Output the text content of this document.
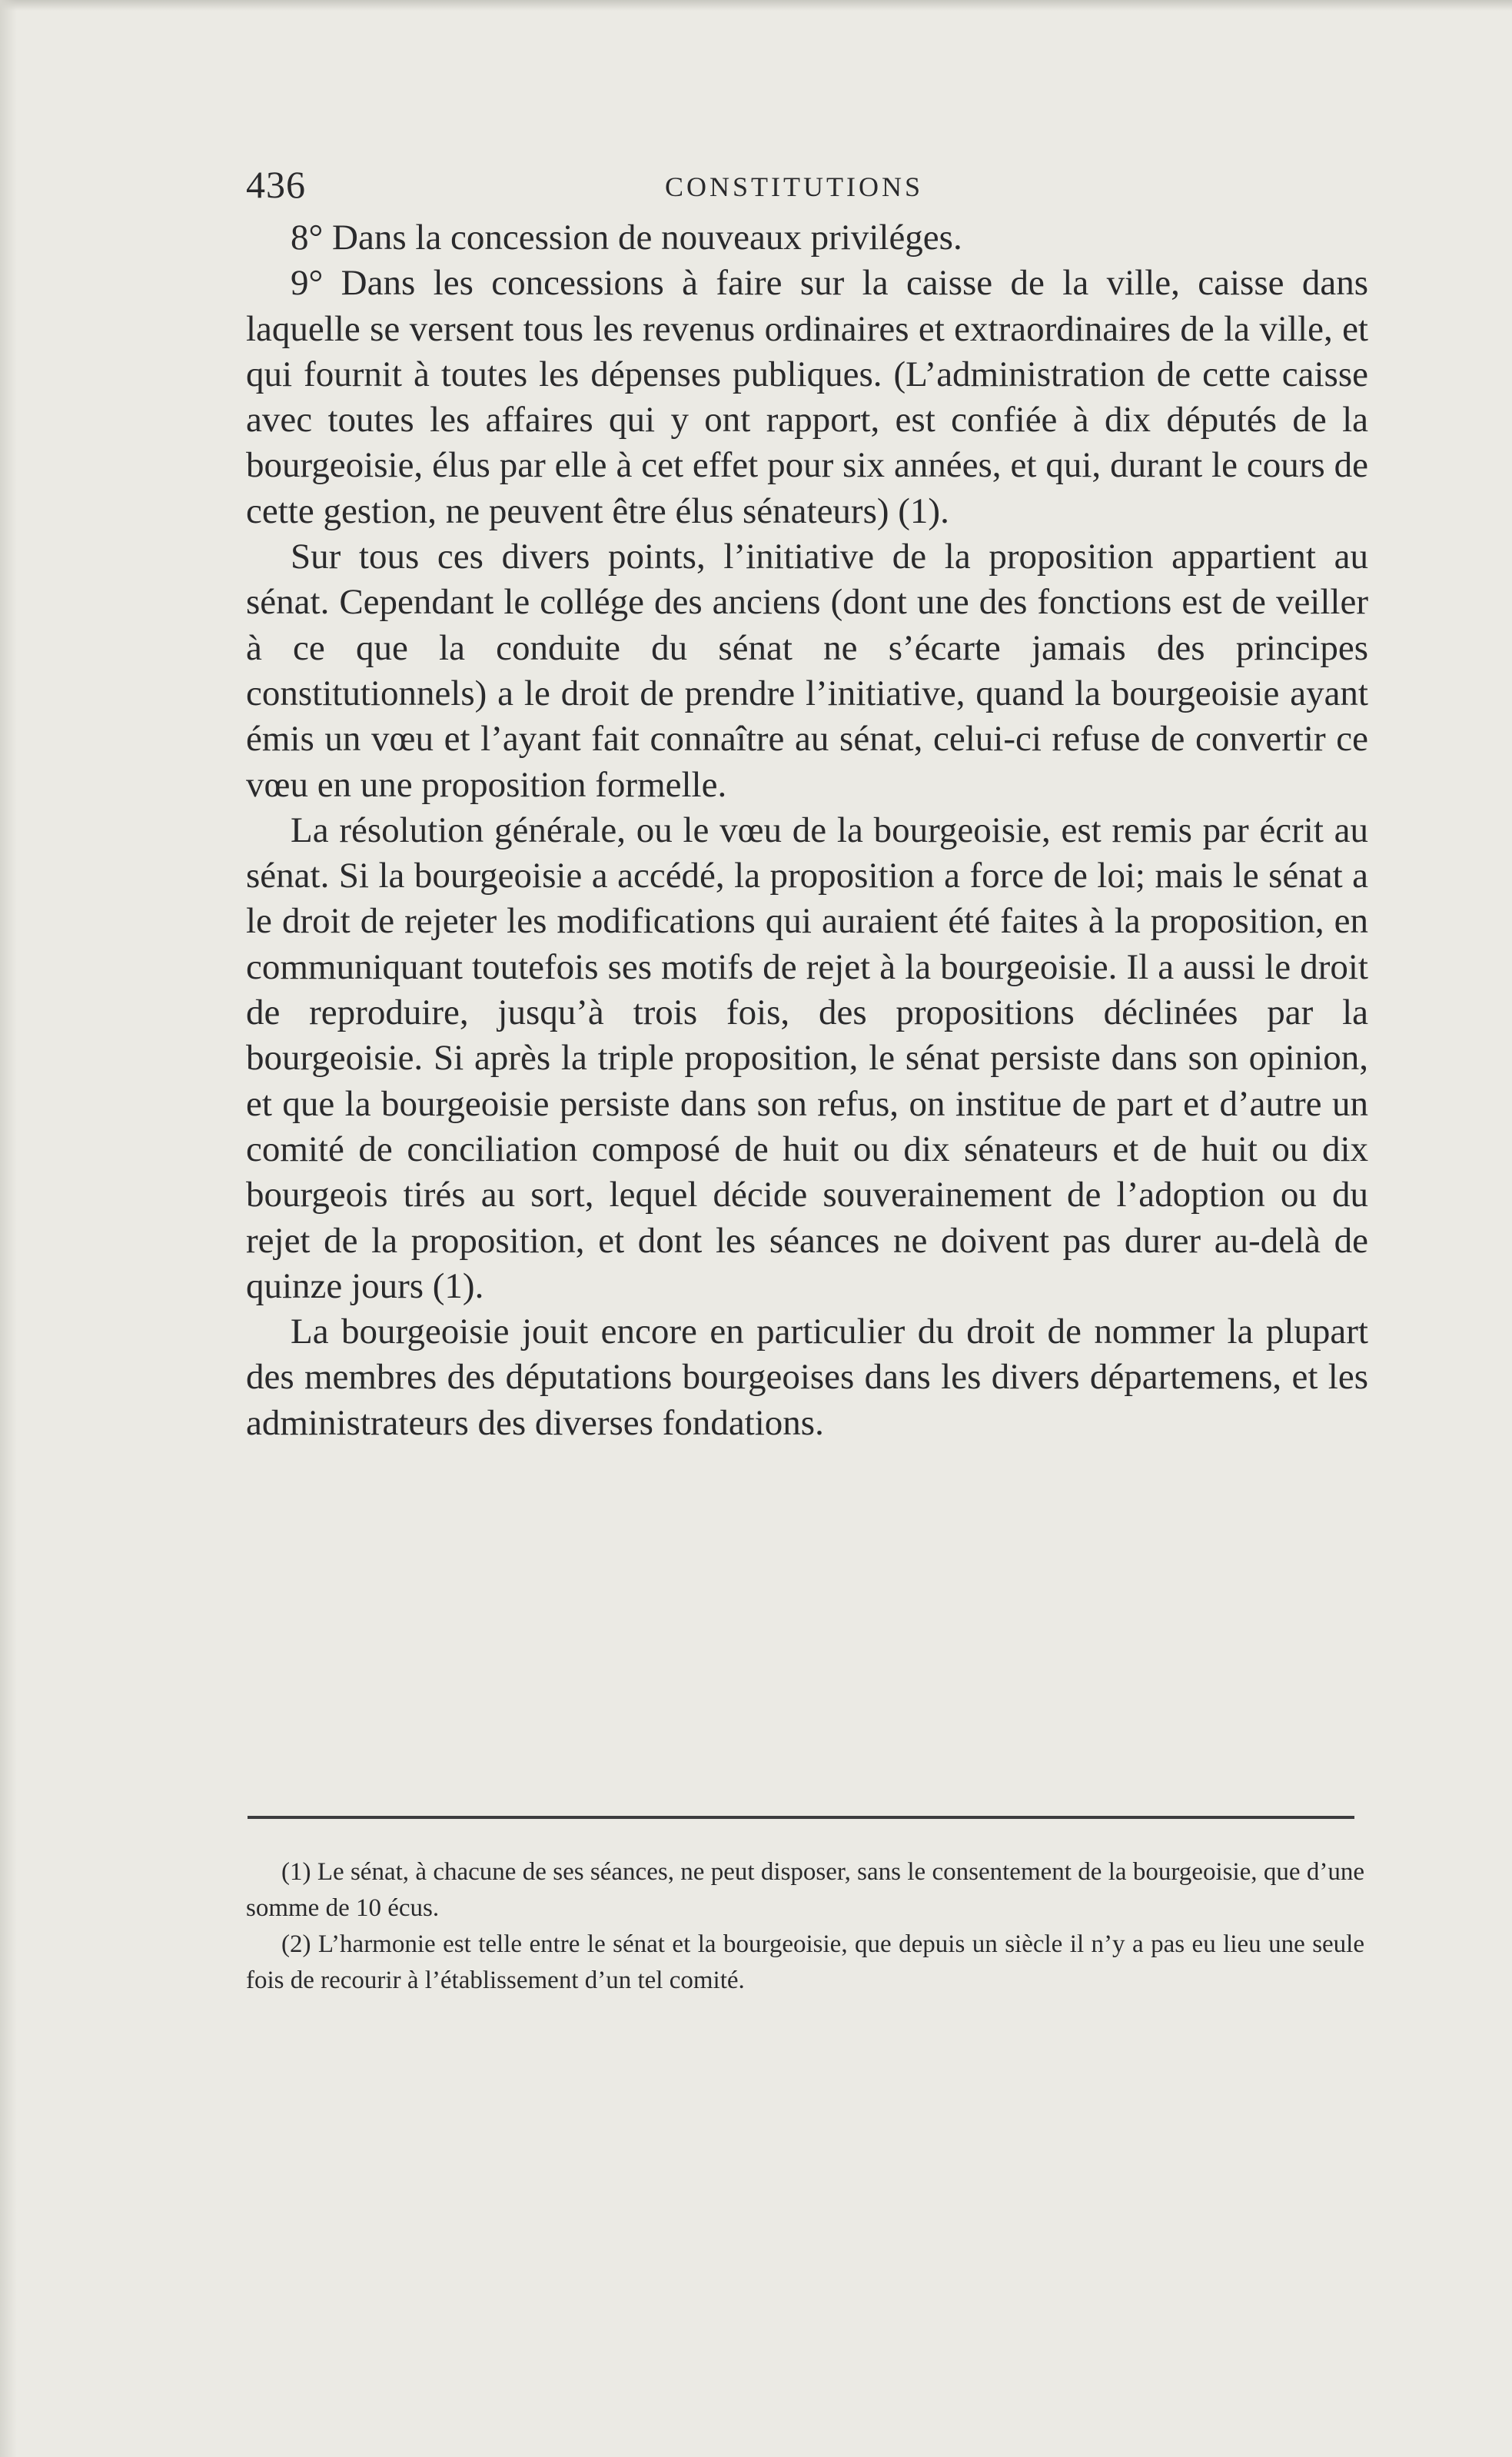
436	CONSTITUTIONS

8° Dans la concession de nouveaux priviléges.

9° Dans les concessions à faire sur la caisse de la ville, caisse dans laquelle se versent tous les revenus ordinaires et extraordinaires de la ville, et qui fournit à toutes les dépenses publiques. (L’administration de cette caisse avec toutes les affaires qui y ont rapport, est confiée à dix députés de la bourgeoisie, élus par elle à cet effet pour six années, et qui, durant le cours de cette gestion, ne peuvent être élus sénateurs) (1).

Sur tous ces divers points, l’initiative de la proposition appartient au sénat. Cependant le collége des anciens (dont une des fonctions est de veiller à ce que la conduite du sénat ne s’écarte jamais des principes constitutionnels) a le droit de prendre l’initiative, quand la bourgeoisie ayant émis un vœu et l’ayant fait connaître au sénat, celui-ci refuse de convertir ce vœu en une proposition formelle.

La résolution générale, ou le vœu de la bourgeoisie, est remis par écrit au sénat. Si la bourgeoisie a accédé, la proposition a force de loi; mais le sénat a le droit de rejeter les modifications qui auraient été faites à la proposition, en communiquant toutefois ses motifs de rejet à la bourgeoisie. Il a aussi le droit de reproduire, jusqu’à trois fois, des propositions déclinées par la bourgeoisie. Si après la triple proposition, le sénat persiste dans son opinion, et que la bourgeoisie persiste dans son refus, on institue de part et d’autre un comité de conciliation composé de huit ou dix sénateurs et de huit ou dix bourgeois tirés au sort, lequel décide souverainement de l’adoption ou du rejet de la proposition, et dont les séances ne doivent pas durer au-delà de quinze jours (1).

La bourgeoisie jouit encore en particulier du droit de nommer la plupart des membres des députations bourgeoises dans les divers départemens, et les administrateurs des diverses fondations.

(1) Le sénat, à chacune de ses séances, ne peut disposer, sans le consentement de la bourgeoisie, que d’une somme de 10 écus.

(2) L’harmonie est telle entre le sénat et la bourgeoisie, que depuis un siècle il n’y a pas eu lieu une seule fois de recourir à l’établissement d’un tel comité.
